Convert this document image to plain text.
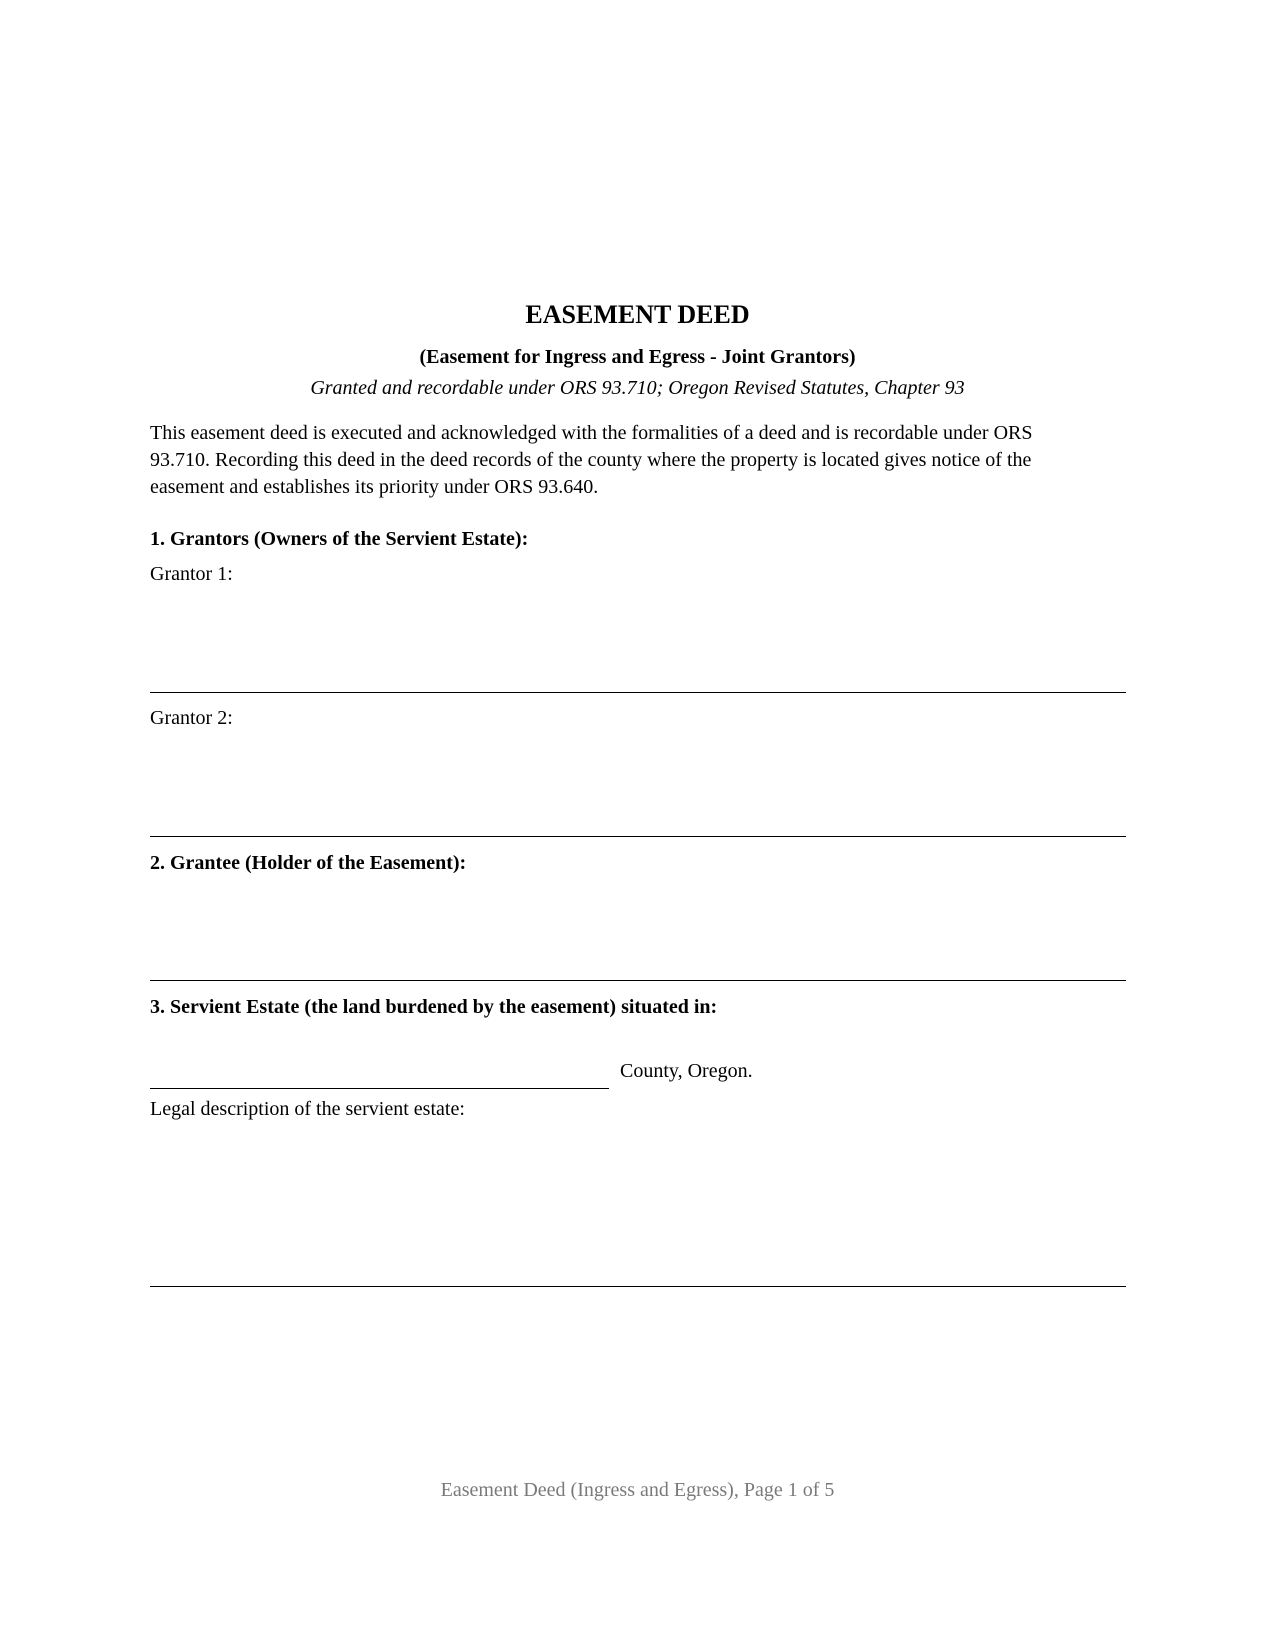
EASEMENT DEED
(Easement for Ingress and Egress - Joint Grantors)
Granted and recordable under ORS 93.710; Oregon Revised Statutes, Chapter 93

This easement deed is executed and acknowledged with the formalities of a deed and is recordable under ORS 93.710. Recording this deed in the deed records of the county where the property is located gives notice of the easement and establishes its priority under ORS 93.640.

1. Grantors (Owners of the Servient Estate):
Grantor 1:
Grantor 2:
2. Grantee (Holder of the Easement):
3. Servient Estate (the land burdened by the easement) situated in:
County, Oregon.
Legal description of the servient estate:
Easement Deed (Ingress and Egress), Page 1 of 5
